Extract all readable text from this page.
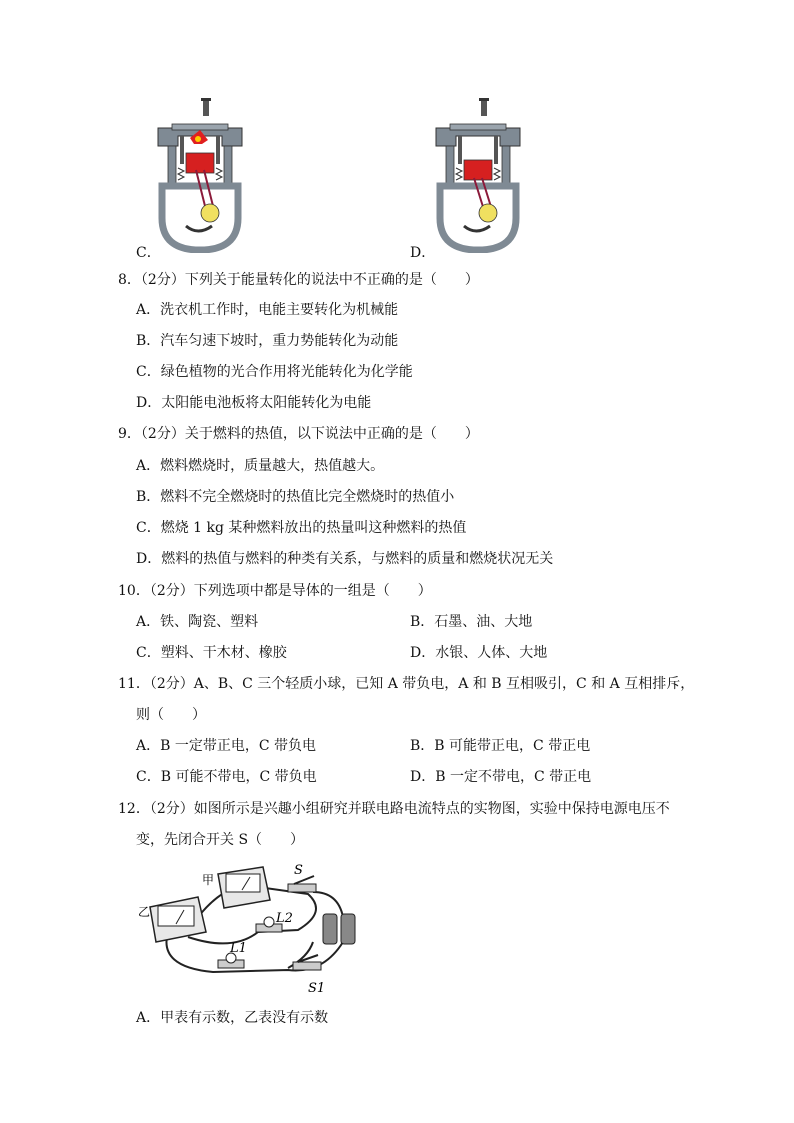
C．	D．
8．（2分）下列关于能量转化的说法中不正确的是（　　）
A．洗衣机工作时，电能主要转化为机械能
B．汽车匀速下坡时，重力势能转化为动能
C．绿色植物的光合作用将光能转化为化学能
D．太阳能电池板将太阳能转化为电能
9．（2分）关于燃料的热值，以下说法中正确的是（　　）
A．燃料燃烧时，质量越大，热值越大。
B．燃料不完全燃烧时的热值比完全燃烧时的热值小
C．燃烧 1 kg 某种燃料放出的热量叫这种燃料的热值
D．燃料的热值与燃料的种类有关系，与燃料的质量和燃烧状况无关
10．（2分）下列选项中都是导体的一组是（　　）
A．铁、陶瓷、塑料	B．石墨、油、大地
C．塑料、干木材、橡胶	D．水银、人体、大地
11．（2分）A、B、C 三个轻质小球，已知 A 带负电，A 和 B 互相吸引，C 和 A 互相排斥，
则（　　）
A．B 一定带正电，C 带负电	B．B 可能带正电，C 带正电
C．B 可能不带电，C 带负电	D．B 一定不带电，C 带正电
12．（2分）如图所示是兴趣小组研究并联电路电流特点的实物图，实验中保持电源电压不
变，先闭合开关 S（　　）
甲
乙
S
L2
L1
S1
A．甲表有示数，乙表没有示数
